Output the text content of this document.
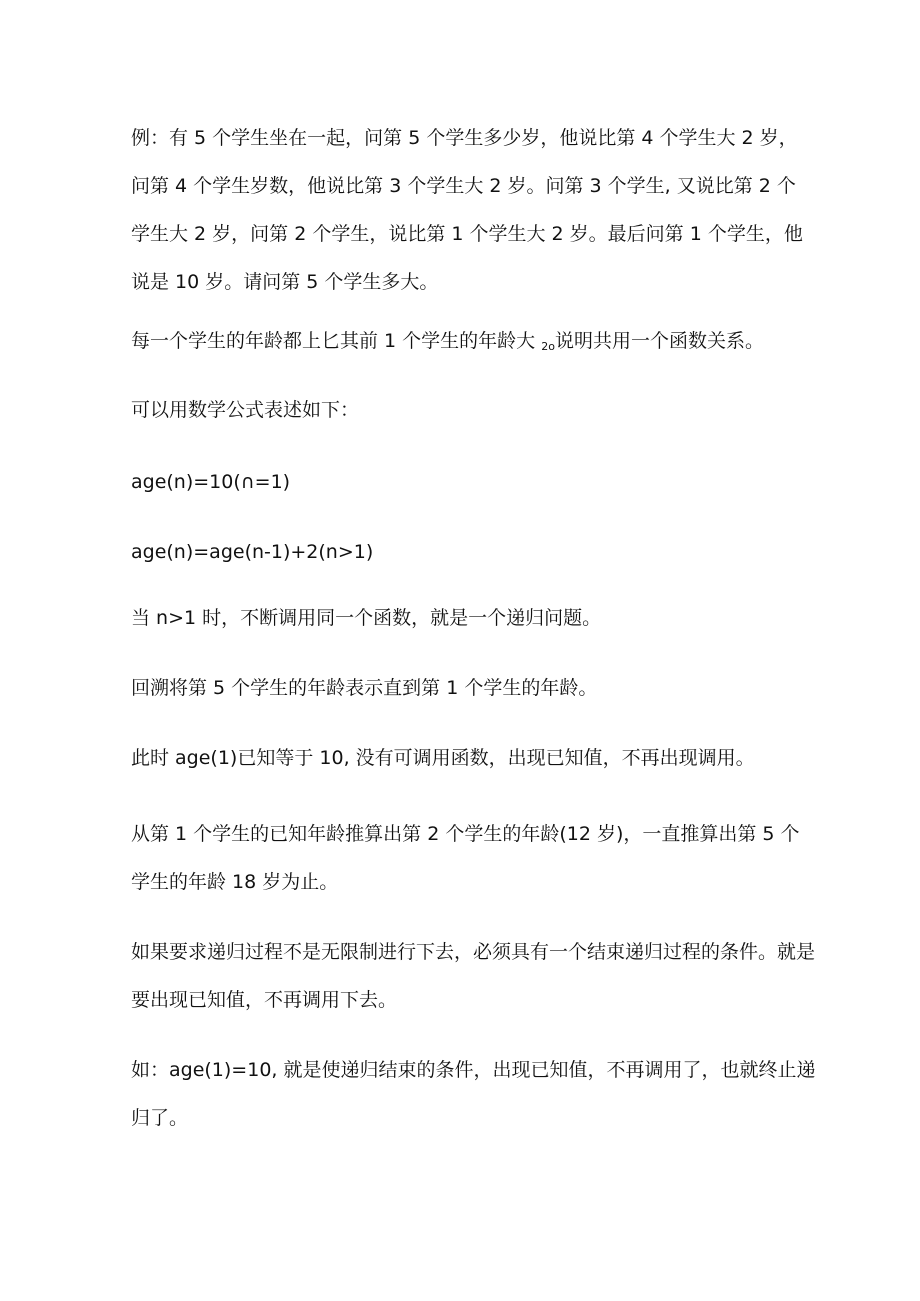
例：有 5 个学生坐在一起，问第 5 个学生多少岁，他说比第 4 个学生大 2 岁，
问第 4 个学生岁数，他说比第 3 个学生大 2 岁。问第 3 个学生, 又说比第 2 个
学生大 2 岁，问第 2 个学生，说比第 1 个学生大 2 岁。最后问第 1 个学生，他
说是 10 岁。请问第 5 个学生多大。
每一个学生的年龄都上匕其前 1 个学生的年龄大 $_{2o}$说明共用一个函数关系。
可以用数学公式表述如下：
age(n)=10(∩=1)
age(n)=age(n-1)+2(n>1)
当 n>1 时，不断调用同一个函数，就是一个递归问题。
回溯将第 5 个学生的年龄表示直到第 1 个学生的年龄。
此时 age(1)已知等于 10, 没有可调用函数，出现已知值，不再出现调用。
从第 1 个学生的已知年龄推算出第 2 个学生的年龄(12 岁)，一直推算出第 5 个
学生的年龄 18 岁为止。
如果要求递归过程不是无限制进行下去，必须具有一个结束递归过程的条件。就是
要出现已知值，不再调用下去。
如：age(1)=10, 就是使递归结束的条件，出现已知值，不再调用了，也就终止递
归了。
